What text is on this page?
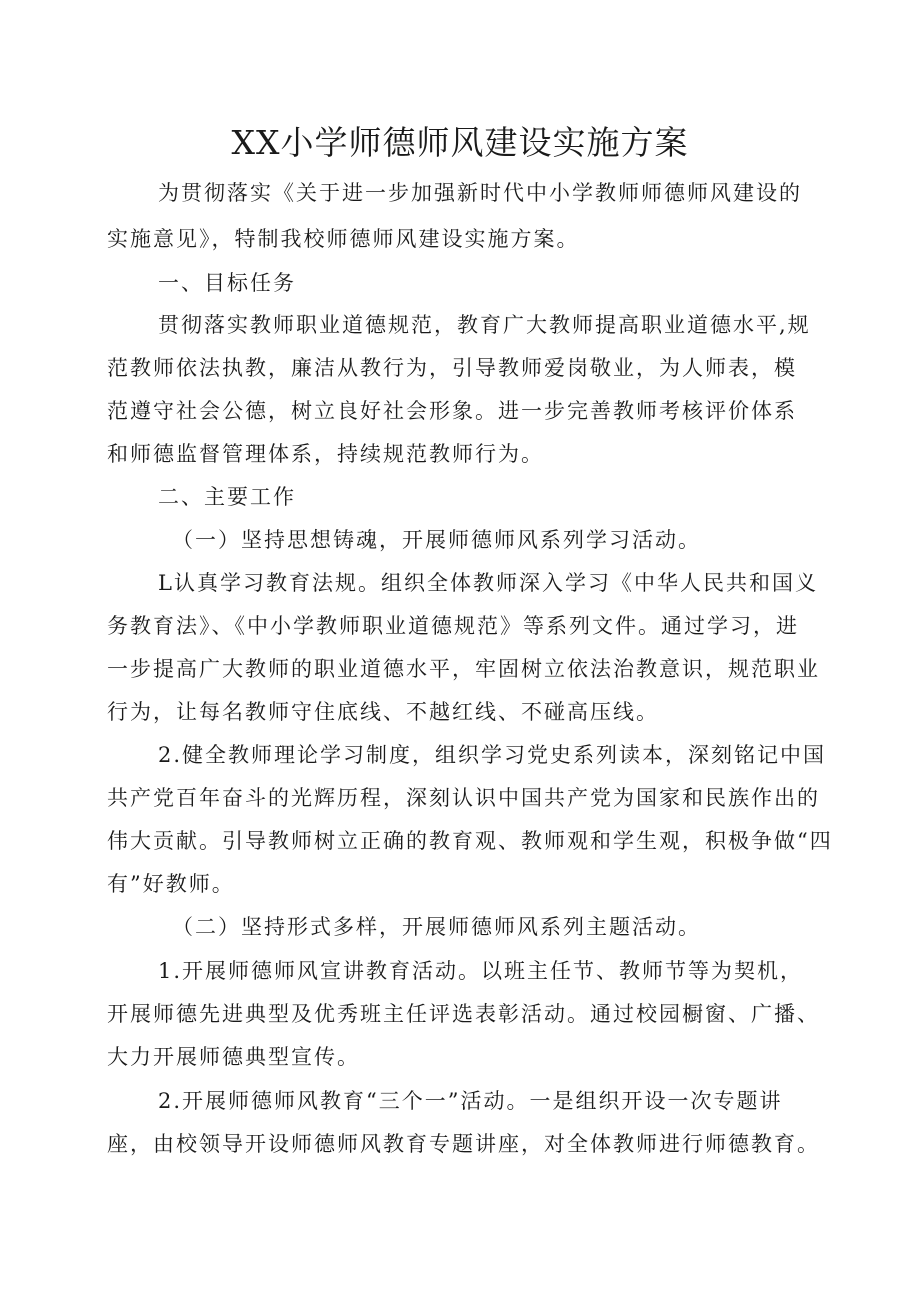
XX小学师德师风建设实施方案

为贯彻落实《关于进一步加强新时代中小学教师师德师风建设的

实施意见》，特制我校师德师风建设实施方案。

一、目标任务

贯彻落实教师职业道德规范，教育广大教师提高职业道德水平,规

范教师依法执教，廉洁从教行为，引导教师爱岗敬业，为人师表，模

范遵守社会公德，树立良好社会形象。进一步完善教师考核评价体系

和师德监督管理体系，持续规范教师行为。

二、主要工作

（一）坚持思想铸魂，开展师德师风系列学习活动。

L认真学习教育法规。组织全体教师深入学习《中华人民共和国义

务教育法》、《中小学教师职业道德规范》等系列文件。通过学习，进

一步提高广大教师的职业道德水平，牢固树立依法治教意识，规范职业

行为，让每名教师守住底线、不越红线、不碰高压线。

2.健全教师理论学习制度，组织学习党史系列读本，深刻铭记中国

共产党百年奋斗的光辉历程，深刻认识中国共产党为国家和民族作出的

伟大贡献。引导教师树立正确的教育观、教师观和学生观，积极争做“四

有”好教师。

（二）坚持形式多样，开展师德师风系列主题活动。

1.开展师德师风宣讲教育活动。以班主任节、教师节等为契机，

开展师德先进典型及优秀班主任评选表彰活动。通过校园橱窗、广播、

大力开展师德典型宣传。

2.开展师德师风教育“三个一”活动。一是组织开设一次专题讲

座，由校领导开设师德师风教育专题讲座，对全体教师进行师德教育。
